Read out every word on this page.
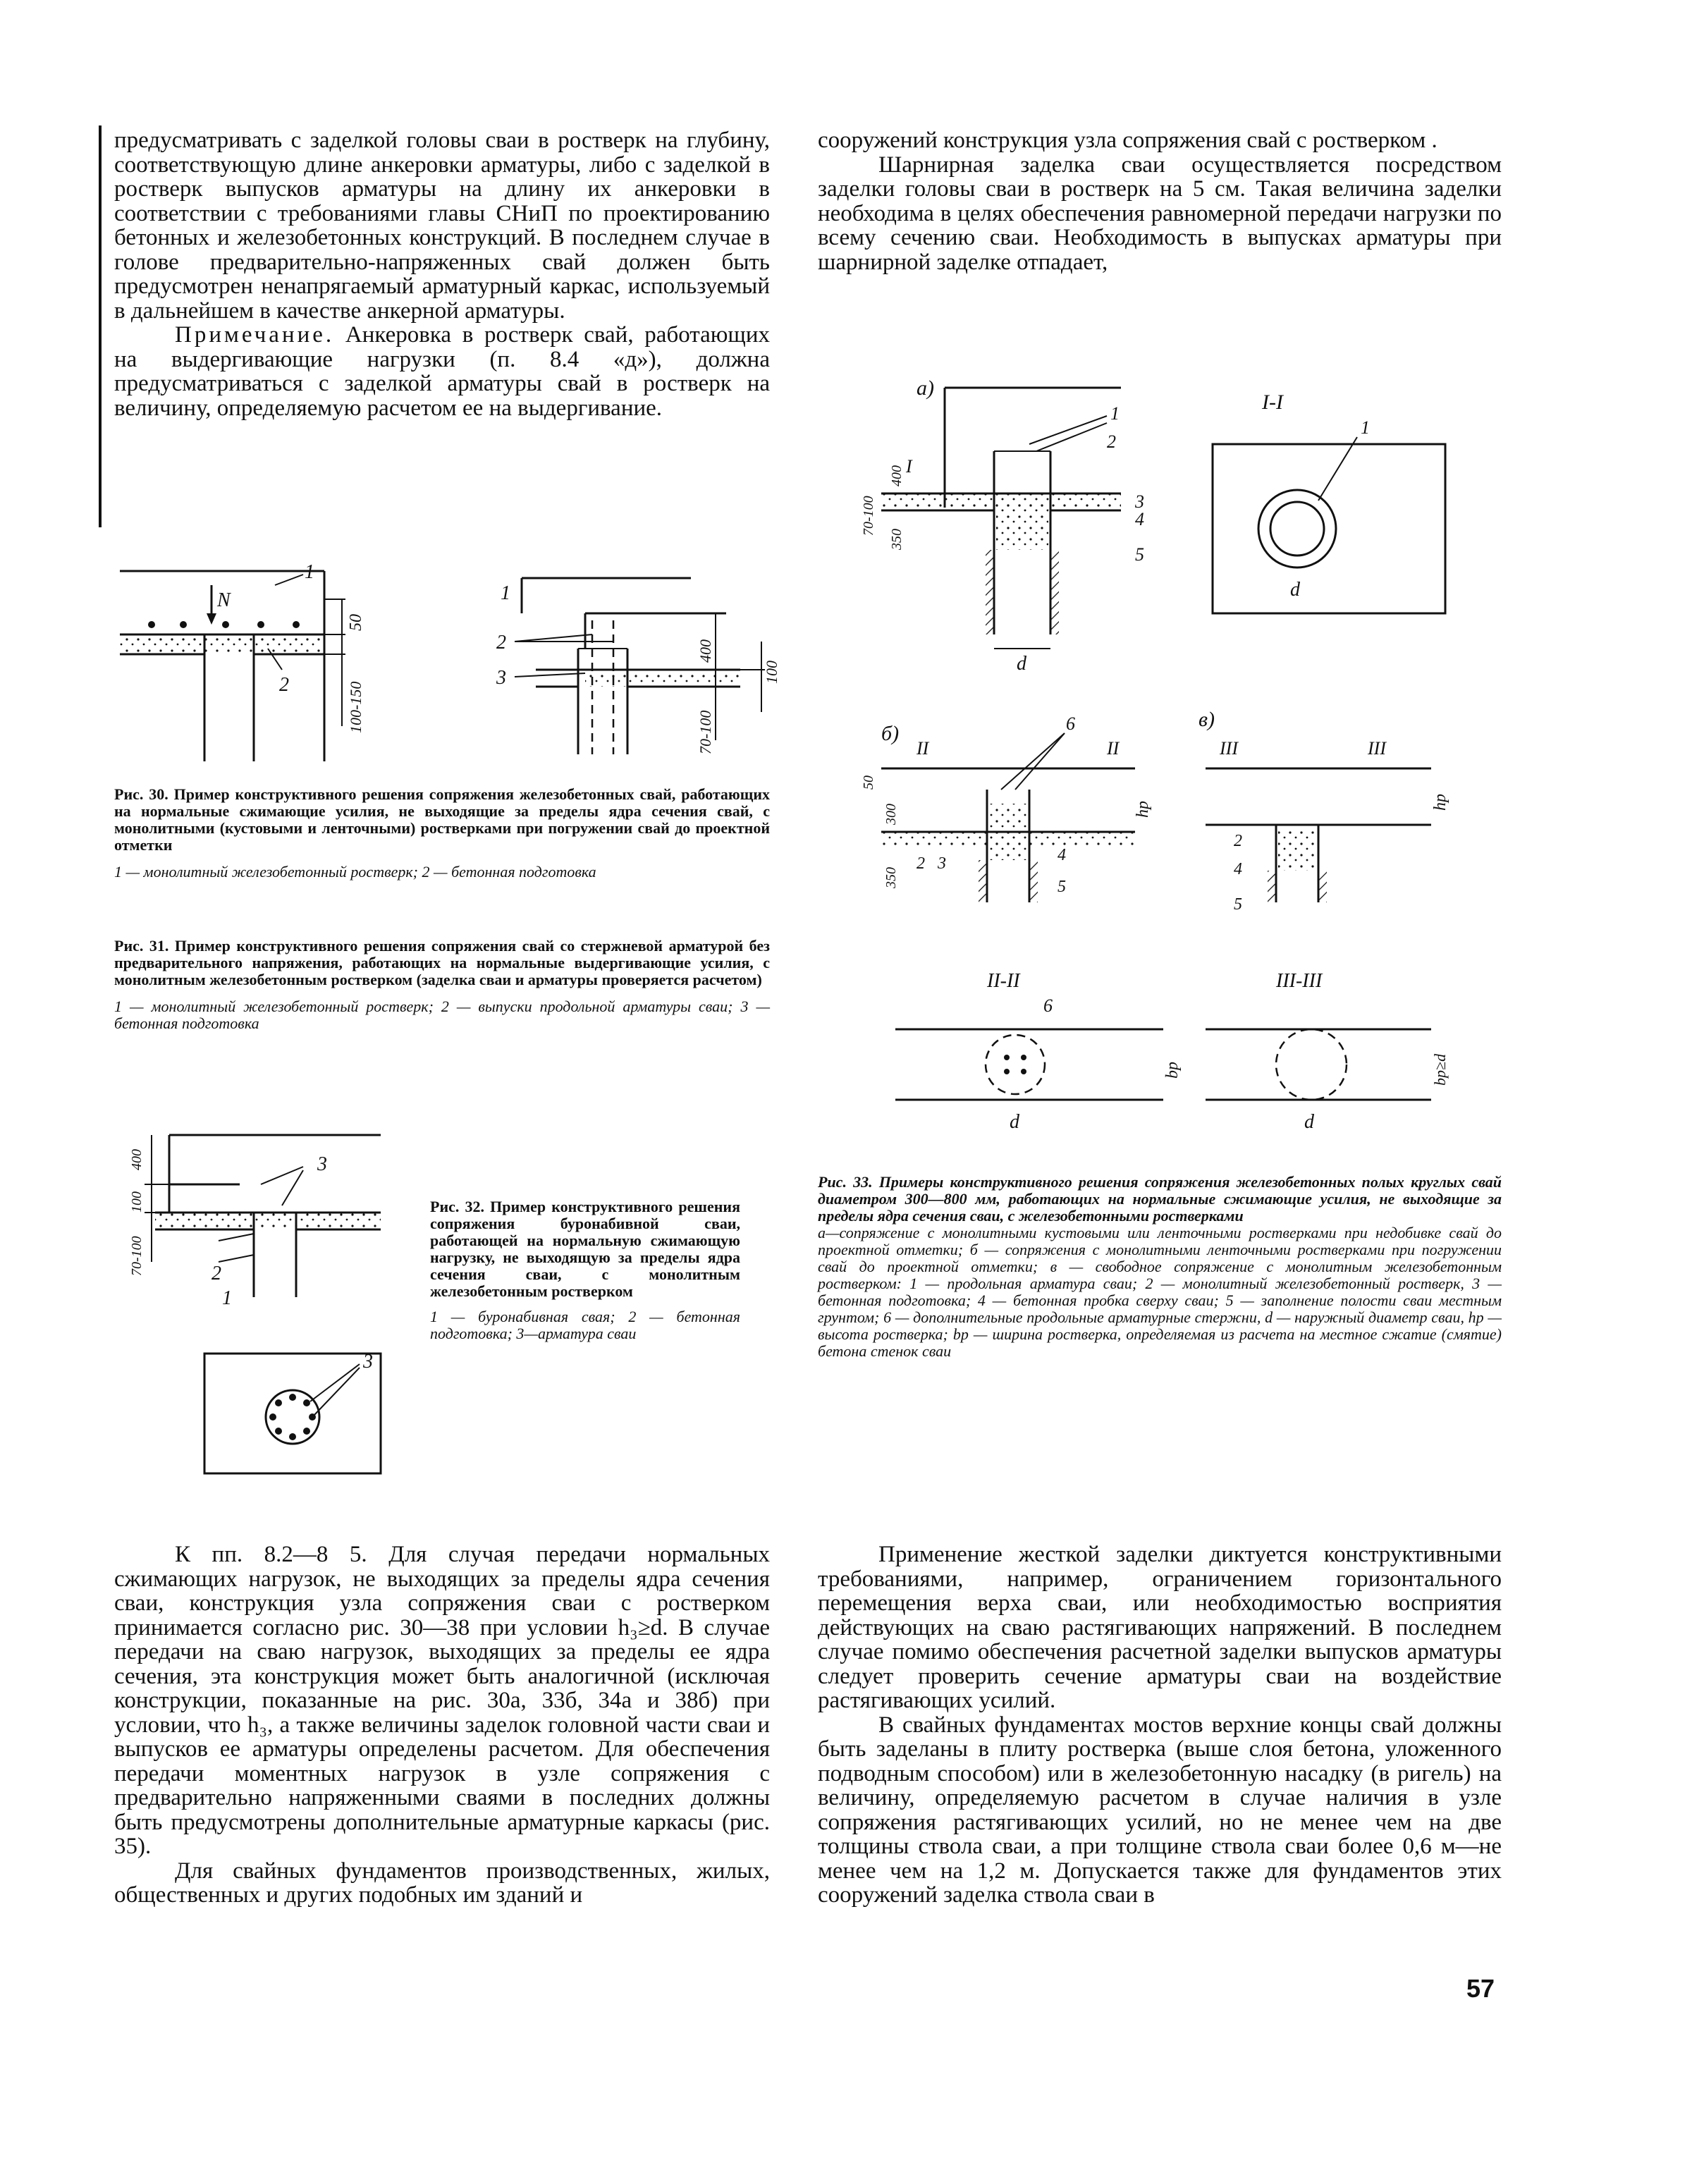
предусматривать с заделкой головы сваи в ростверк на глубину, соответствующую длине анкеровки арматуры, либо с заделкой в ростверк выпусков арматуры на длину их анкеровки в соответствии с требованиями главы СНиП по проектированию бетонных и железобетонных конструкций. В последнем случае в голове предварительно-напряженных свай должен быть предусмотрен ненапрягаемый арматурный каркас, используемый в дальнейшем в качестве анкерной арматуры.

Примечание. Анкеровка в ростверк свай, работающих на выдергивающие нагрузки (п. 8.4 «д»), должна предусматриваться с заделкой арматуры свай в ростверк на величину, определяемую расчетом ее на выдергивание.

сооружений конструкция узла сопряжения свай с ростверком .

Шарнирная заделка сваи осуществляется посредством заделки головы сваи в ростверк на 5 см. Такая величина заделки необходима в целях обеспечения равномерной передачи нагрузки по всему сечению сваи. Необходимость в выпусках арматуры при шарнирной заделке отпадает,

1
N
2
50
100-150
1
2
3
400
70-100
100

Рис. 30. Пример конструктивного решения сопряжения железобетонных свай, работающих на нормальные сжимающие усилия, не выходящие за пределы ядра сечения свай, с монолитными (кустовыми и ленточными) ростверками при погружении свай до проектной отметки

1 — монолитный железобетонный ростверк; 2 — бетонная подготовка

Рис. 31. Пример конструктивного решения сопряжения свай со стержневой арматурой без предварительного напряжения, работающих на нормальные выдергивающие усилия, с монолитным железобетонным ростверком (заделка сваи и арматуры проверяется расчетом)

1 — монолитный железобетонный ростверк; 2 — выпуски продольной арматуры сваи; 3 — бетонная подготовка

3
2
1
400
100
70-100
3

Рис. 32. Пример конструктивного решения сопряжения буронабивной сваи, работающей на нормальную сжимающую нагрузку, не выходящую за пределы ядра сечения сваи, с монолитным железобетонным ростверком

1 — буронабивная свая; 2 — бетонная подготовка; 3—арматура сваи

а)
1
2
I
3
4
5
d
400
350
70-100
I-I
1
d
б)
II	II
6
hр
4
5
2 3
300
350
50
в)
III	III
hр
2
4
5
II-II
6
bр
d
III-III
bр≥d
d

Рис. 33. Примеры конструктивного решения сопряжения железобетонных полых круглых свай диаметром 300—800 мм, работающих на нормальные сжимающие усилия, не выходящие за пределы ядра сечения сваи, с железобетонными ростверками

а—сопряжение с монолитными кустовыми или ленточными ростверками при недобивке свай до проектной отметки; б — сопряжения с монолитными ленточными ростверками при погружении свай до проектной отметки; в — свободное сопряжение с монолитным железобетонным ростверком: 1 — продольная арматура сваи; 2 — монолитный железобетонный ростверк, 3 — бетонная подготовка; 4 — бетонная пробка сверху сваи; 5 — заполнение полости сваи местным грунтом; 6 — дополнительные продольные арматурные стержни, d — наружный диаметр сваи, hр — высота ростверка; bр — ширина ростверка, определяемая из расчета на местное сжатие (смятие) бетона стенок сваи

К пп. 8.2—8 5. Для случая передачи нормальных сжимающих нагрузок, не выходящих за пределы ядра сечения сваи, конструкция узла сопряжения сваи с ростверком принимается согласно рис. 30—38 при условии h₃≥d. В случае передачи на сваю нагрузок, выходящих за пределы ее ядра сечения, эта конструкция может быть аналогичной (исключая конструкции, показанные на рис. 30а, 33б, 34а и 38б) при условии, что h₃, а также величины заделок головной части сваи и выпусков ее арматуры определены расчетом. Для обеспечения передачи моментных нагрузок в узле сопряжения с предварительно напряженными сваями в последних должны быть предусмотрены дополнительные арматурные каркасы (рис. 35).

Для свайных фундаментов производственных, жилых, общественных и других подобных им зданий и

Применение жесткой заделки диктуется конструктивными требованиями, например, ограничением горизонтального перемещения верха сваи, или необходимостью восприятия действующих на сваю растягивающих напряжений. В последнем случае помимо обеспечения расчетной заделки выпусков арматуры следует проверить сечение арматуры сваи на воздействие растягивающих усилий.

В свайных фундаментах мостов верхние концы свай должны быть заделаны в плиту ростверка (выше слоя бетона, уложенного подводным способом) или в железобетонную насадку (в ригель) на величину, определяемую расчетом в случае наличия в узле сопряжения растягивающих усилий, но не менее чем на две толщины ствола сваи, а при толщине ствола сваи более 0,6 м—не менее чем на 1,2 м. Допускается также для фундаментов этих сооружений заделка ствола сваи в

57
